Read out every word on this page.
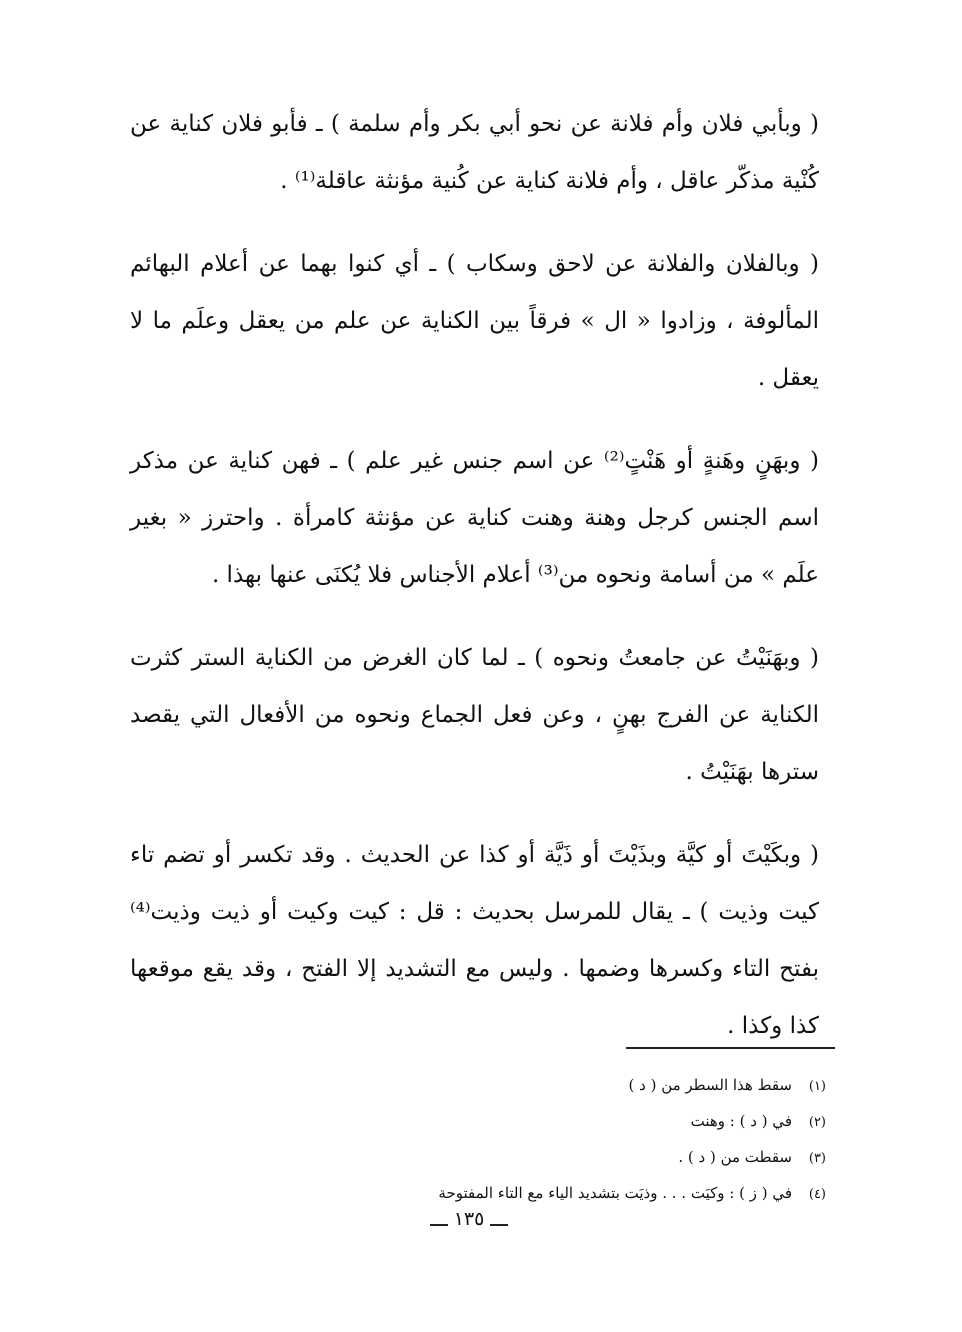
( وبأبي فلان وأم فلانة عن نحو أبي بكر وأم سلمة ) ـ فأبو فلان كناية عن كُنْية مذكّر عاقل ، وأم فلانة كناية عن كُنية مؤنثة عاقلة⁽¹⁾ .

( وبالفلان والفلانة عن لاحق وسكاب ) ـ أي كنوا بهما عن أعلام البهائم المألوفة ، وزادوا « ال » فرقاً بين الكناية عن علم من يعقل وعلَم ما لا يعقل .

( وبهَنٍ وهَنةٍ أو هَنْتٍ⁽²⁾ عن اسم جنس غير علم ) ـ فهن كناية عن مذكر اسم الجنس كرجل وهنة وهنت كناية عن مؤنثة كامرأة . واحترز « بغير علَم » من أسامة ونحوه من⁽³⁾ أعلام الأجناس فلا يُكنَى عنها بهذا .

( وبهَنَيْتُ عن جامعتُ ونحوه ) ـ لما كان الغرض من الكناية الستر كثرت الكناية عن الفرج بهنٍ ، وعن فعل الجماع ونحوه من الأفعال التي يقصد سترها بهَنَيْتُ .

( وبكَيْتَ أو كيَّة وبذَيْتَ أو ذَيَّة أو كذا عن الحديث . وقد تكسر أو تضم تاء كيت وذيت ) ـ يقال للمرسل بحديث : قل : كيت وكيت أو ذيت وذيت⁽⁴⁾ بفتح التاء وكسرها وضمها . وليس مع التشديد إلا الفتح ، وقد يقع موقعها كذا وكذا .

(١)سقط هذا السطر من ( د )
(٢)في ( د ) : وهنت
(٣)سقطت من ( د ) .
(٤)في ( ز ) : وكيَت . . . وذيَت بتشديد الياء مع التاء المفتوحة
١٣٥
